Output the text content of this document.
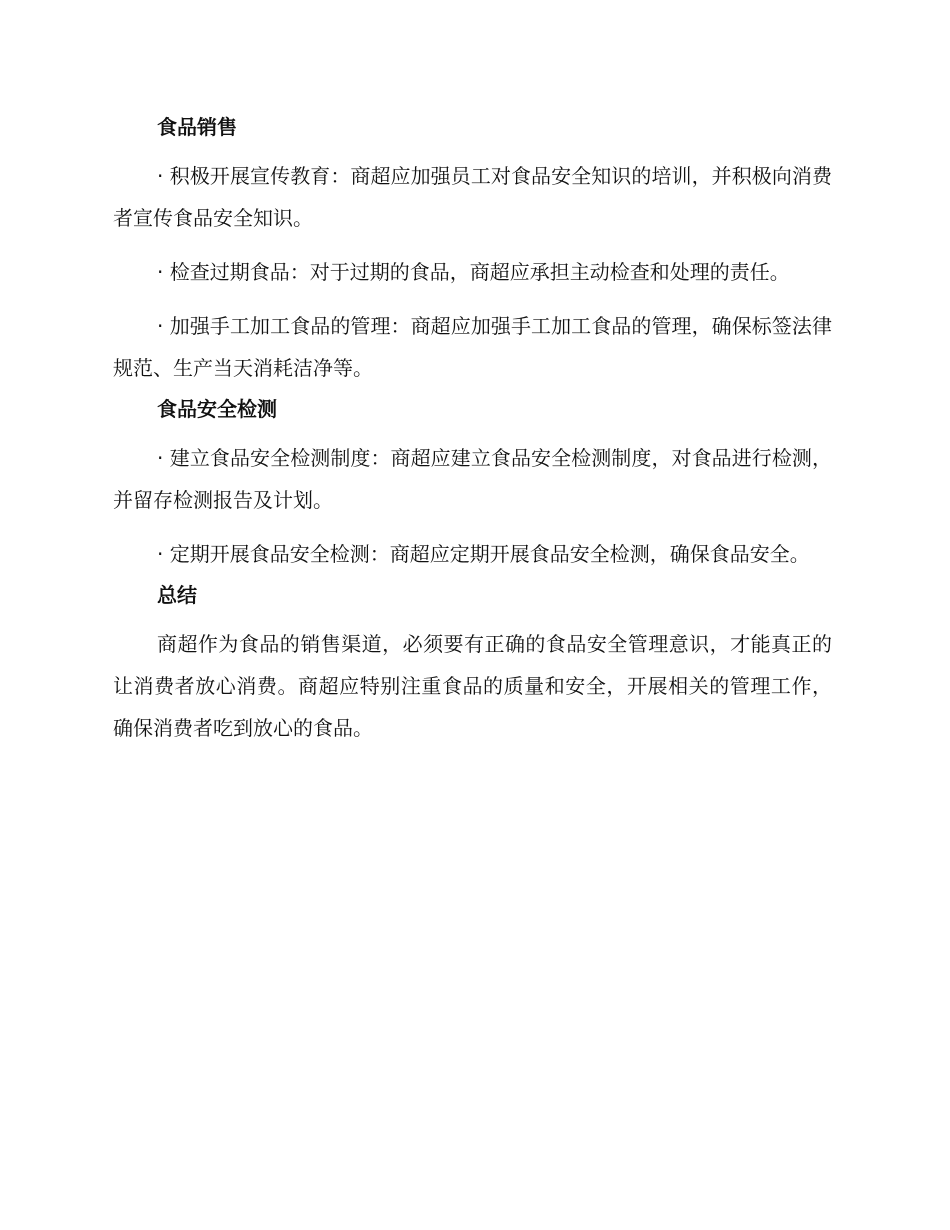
食品销售

· 积极开展宣传教育：商超应加强员工对食品安全知识的培训，并积极向消费者宣传食品安全知识。

· 检查过期食品：对于过期的食品，商超应承担主动检查和处理的责任。

· 加强手工加工食品的管理：商超应加强手工加工食品的管理，确保标签法律规范、生产当天消耗洁净等。

食品安全检测

· 建立食品安全检测制度：商超应建立食品安全检测制度，对食品进行检测，并留存检测报告及计划。

· 定期开展食品安全检测：商超应定期开展食品安全检测，确保食品安全。

总结

商超作为食品的销售渠道，必须要有正确的食品安全管理意识，才能真正的让消费者放心消费。商超应特别注重食品的质量和安全，开展相关的管理工作，确保消费者吃到放心的食品。
